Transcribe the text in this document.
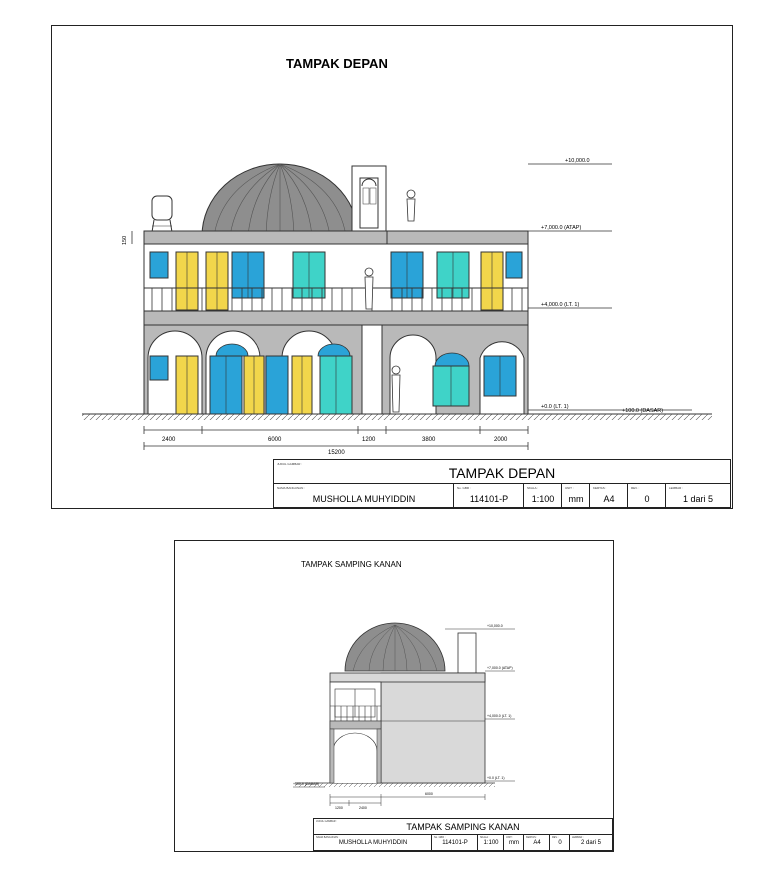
TAMPAK DEPAN
+10,000.0
+7,000.0 (ATAP)
+4,000.0 (LT. 1)
+0.0 (LT. 1)
+100.0 (DASAR)
150
2400	6000	1200	3800	2000
15200
JUDUL GAMBAR :
TAMPAK DEPAN
NAMA BANGUNAN :
MUSHOLLA MUHYIDDIN
No. GBR :
114101-P
SKALA :
1:100
UNIT :
mm
KERTAS :
A4
REV. :
0
LEMBAR :
1 dari 5
TAMPAK SAMPING KANAN
+10,000.0
+7,000.0 (ATAP)
+4,000.0 (LT. 1)
+0.0 (LT. 1)
+100.0 (DASAR)
1200	2400
6000
JUDUL GAMBAR :
TAMPAK SAMPING KANAN
NAMA BANGUNAN :
MUSHOLLA MUHYIDDIN
No. GBR :
114101-P
SKALA :
1:100
UNIT :
mm
KERTAS :
A4
REV. :
0
LEMBAR :
2 dari 5
